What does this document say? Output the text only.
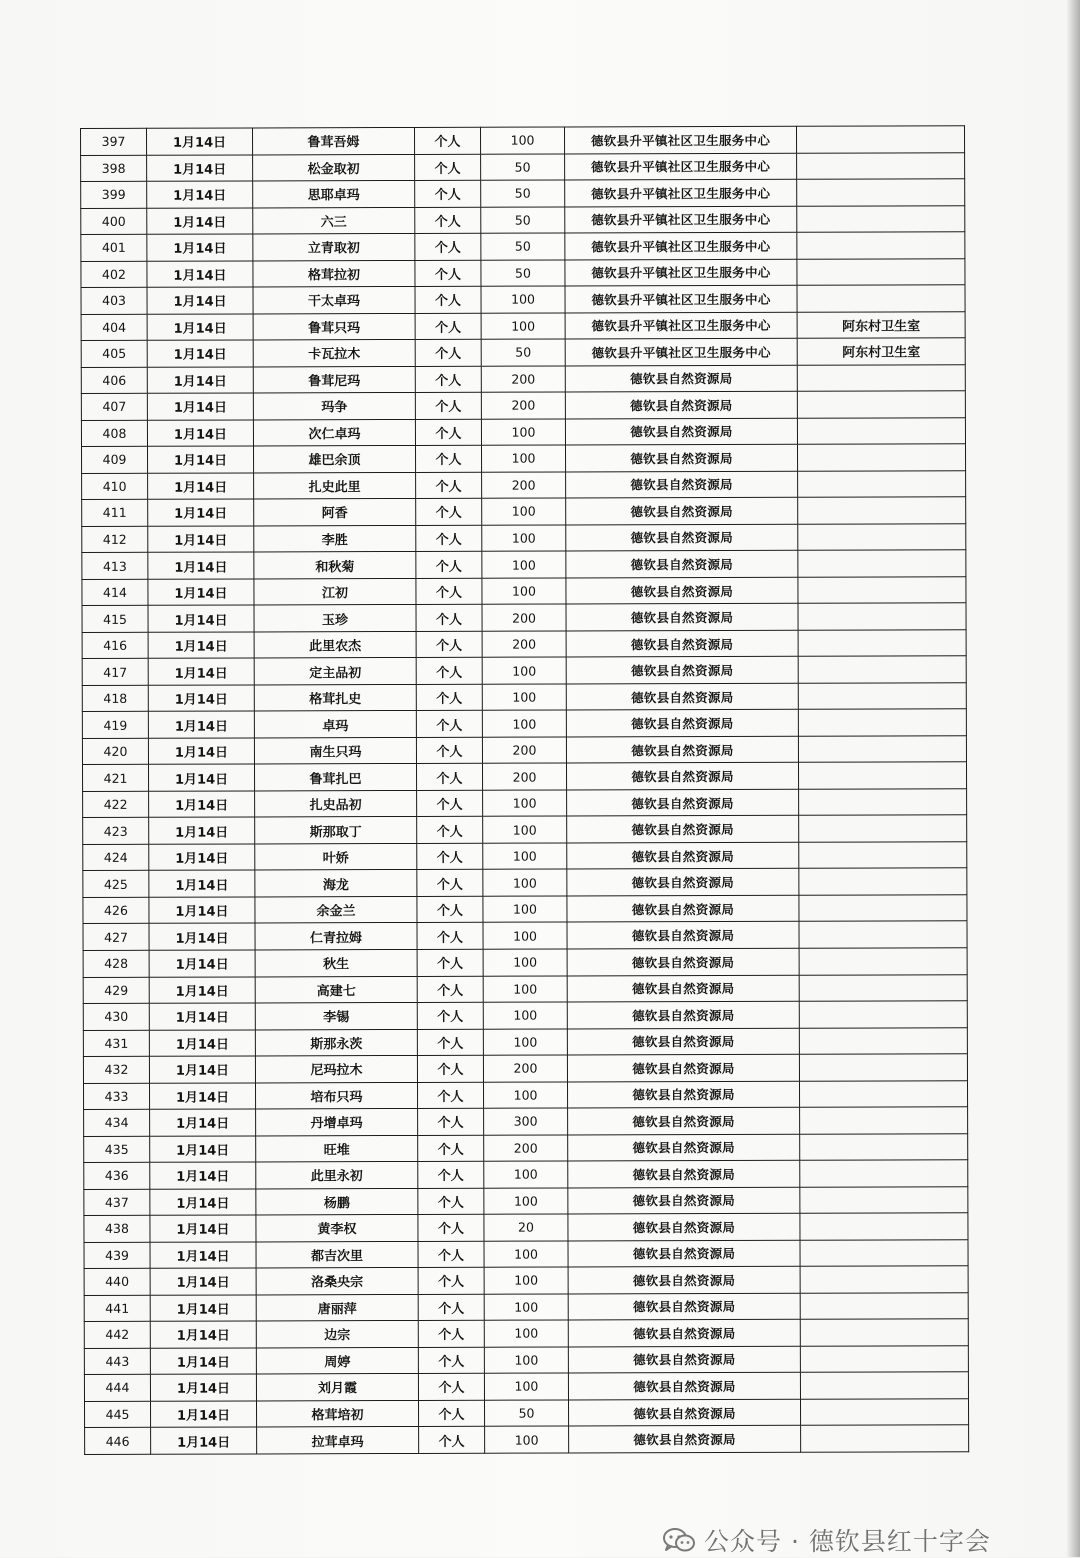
397	1月14日	鲁茸吾姆	个人	100	德钦县升平镇社区卫生服务中心	
398	1月14日	松金取初	个人	50	德钦县升平镇社区卫生服务中心	
399	1月14日	思耶卓玛	个人	50	德钦县升平镇社区卫生服务中心	
400	1月14日	六三	个人	50	德钦县升平镇社区卫生服务中心	
401	1月14日	立青取初	个人	50	德钦县升平镇社区卫生服务中心	
402	1月14日	格茸拉初	个人	50	德钦县升平镇社区卫生服务中心	
403	1月14日	干太卓玛	个人	100	德钦县升平镇社区卫生服务中心	
404	1月14日	鲁茸只玛	个人	100	德钦县升平镇社区卫生服务中心	阿东村卫生室
405	1月14日	卡瓦拉木	个人	50	德钦县升平镇社区卫生服务中心	阿东村卫生室
406	1月14日	鲁茸尼玛	个人	200	德钦县自然资源局	
407	1月14日	玛争	个人	200	德钦县自然资源局	
408	1月14日	次仁卓玛	个人	100	德钦县自然资源局	
409	1月14日	雄巴余顶	个人	100	德钦县自然资源局	
410	1月14日	扎史此里	个人	200	德钦县自然资源局	
411	1月14日	阿香	个人	100	德钦县自然资源局	
412	1月14日	李胜	个人	100	德钦县自然资源局	
413	1月14日	和秋菊	个人	100	德钦县自然资源局	
414	1月14日	江初	个人	100	德钦县自然资源局	
415	1月14日	玉珍	个人	200	德钦县自然资源局	
416	1月14日	此里农杰	个人	200	德钦县自然资源局	
417	1月14日	定主品初	个人	100	德钦县自然资源局	
418	1月14日	格茸扎史	个人	100	德钦县自然资源局	
419	1月14日	卓玛	个人	100	德钦县自然资源局	
420	1月14日	南生只玛	个人	200	德钦县自然资源局	
421	1月14日	鲁茸扎巴	个人	200	德钦县自然资源局	
422	1月14日	扎史品初	个人	100	德钦县自然资源局	
423	1月14日	斯那取丁	个人	100	德钦县自然资源局	
424	1月14日	叶娇	个人	100	德钦县自然资源局	
425	1月14日	海龙	个人	100	德钦县自然资源局	
426	1月14日	余金兰	个人	100	德钦县自然资源局	
427	1月14日	仁青拉姆	个人	100	德钦县自然资源局	
428	1月14日	秋生	个人	100	德钦县自然资源局	
429	1月14日	高建七	个人	100	德钦县自然资源局	
430	1月14日	李锡	个人	100	德钦县自然资源局	
431	1月14日	斯那永茨	个人	100	德钦县自然资源局	
432	1月14日	尼玛拉木	个人	200	德钦县自然资源局	
433	1月14日	培布只玛	个人	100	德钦县自然资源局	
434	1月14日	丹增卓玛	个人	300	德钦县自然资源局	
435	1月14日	旺堆	个人	200	德钦县自然资源局	
436	1月14日	此里永初	个人	100	德钦县自然资源局	
437	1月14日	杨鹏	个人	100	德钦县自然资源局	
438	1月14日	黄李权	个人	20	德钦县自然资源局	
439	1月14日	都吉次里	个人	100	德钦县自然资源局	
440	1月14日	洛桑央宗	个人	100	德钦县自然资源局	
441	1月14日	唐丽萍	个人	100	德钦县自然资源局	
442	1月14日	边宗	个人	100	德钦县自然资源局	
443	1月14日	周婷	个人	100	德钦县自然资源局	
444	1月14日	刘月霞	个人	100	德钦县自然资源局	
445	1月14日	格茸培初	个人	50	德钦县自然资源局	
446	1月14日	拉茸卓玛	个人	100	德钦县自然资源局	
公众号 · 德钦县红十字会
